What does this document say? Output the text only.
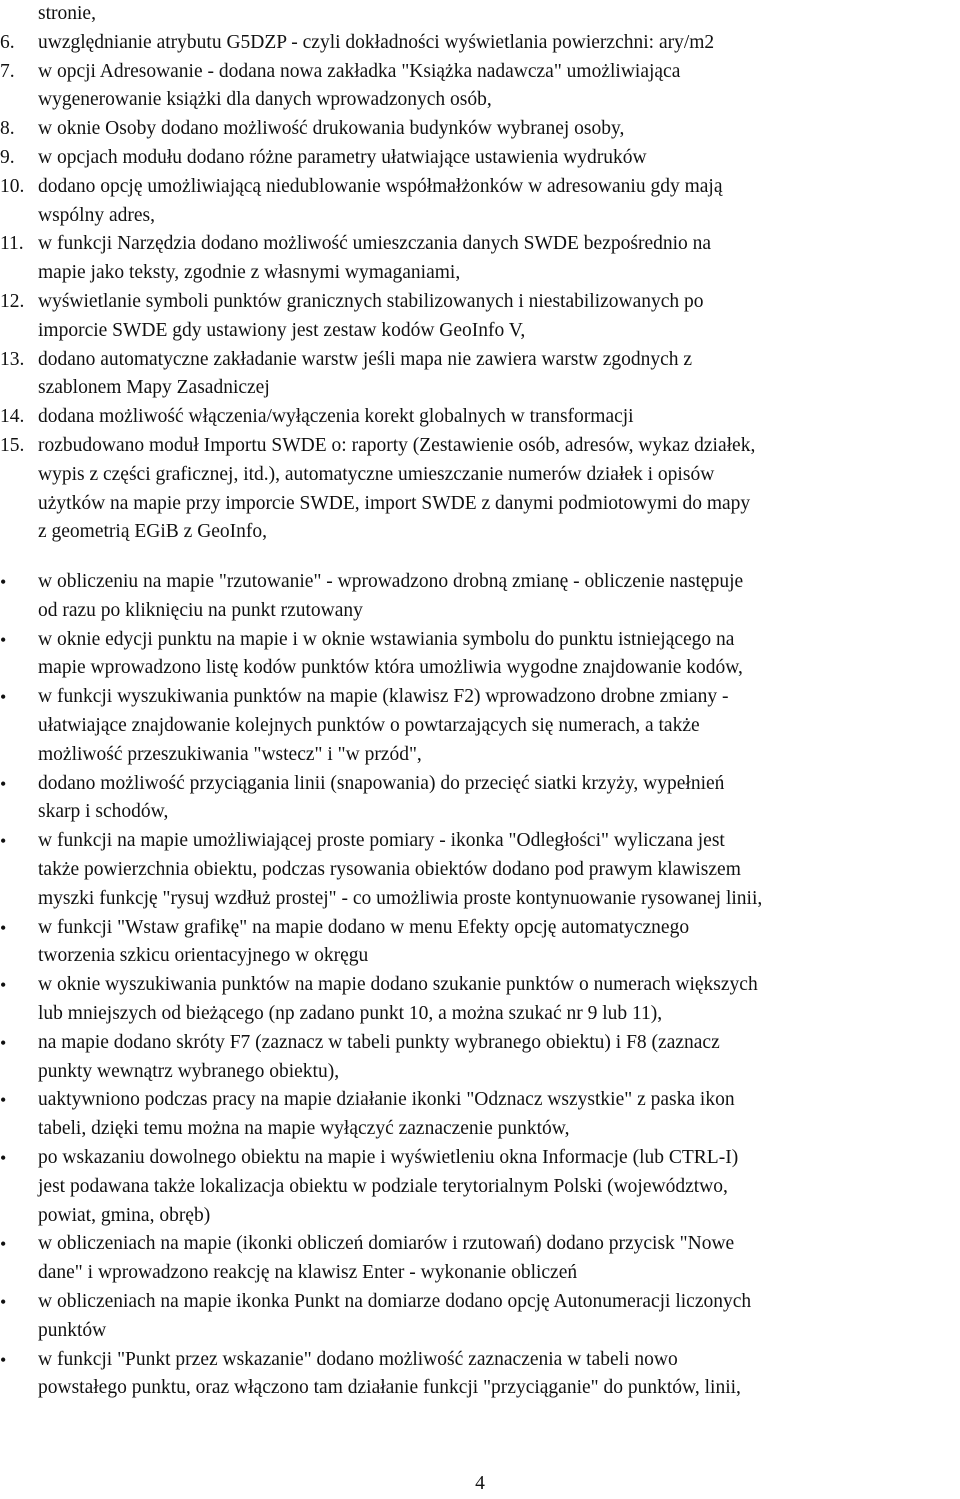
stronie,

4
6.	uwzględnianie atrybutu G5DZP - czyli dokładności wyświetlania powierzchni: ary/m2
7.	w opcji Adresowanie - dodana nowa zakładka "Książka nadawcza" umożliwiająca
wygenerowanie książki dla danych wprowadzonych osób,
8.	w oknie Osoby dodano możliwość drukowania budynków wybranej osoby,
9.	w opcjach modułu dodano różne parametry ułatwiające ustawienia wydruków
10. dodano opcję umożliwiającą niedublowanie współmałżonków w adresowaniu gdy mają
wspólny adres,
11. w funkcji Narzędzia dodano możliwość umieszczania danych SWDE bezpośrednio na
mapie jako teksty, zgodnie z własnymi wymaganiami,
12. wyświetlanie symboli punktów granicznych stabilizowanych i niestabilizowanych po
imporcie SWDE gdy ustawiony jest zestaw kodów GeoInfo V,
13. dodano automatyczne zakładanie warstw jeśli mapa nie zawiera warstw zgodnych z
szablonem Mapy Zasadniczej
14. dodana możliwość włączenia/wyłączenia korekt globalnych w transformacji
15. rozbudowano moduł Importu SWDE o: raporty (Zestawienie osób, adresów, wykaz działek,
wypis z części graficznej, itd.), automatyczne umieszczanie numerów działek i opisów
użytków na mapie przy imporcie SWDE, import SWDE z danymi podmiotowymi do mapy
z geometrią EGiB z GeoInfo,
•	w obliczeniu na mapie "rzutowanie" - wprowadzono drobną zmianę - obliczenie następuje
od razu po kliknięciu na punkt rzutowany
•	w oknie edycji punktu na mapie i w oknie wstawiania symbolu do punktu istniejącego na
mapie wprowadzono listę kodów punktów która umożliwia wygodne znajdowanie kodów,
•	w funkcji wyszukiwania punktów na mapie (klawisz F2) wprowadzono drobne zmiany -
ułatwiające znajdowanie kolejnych punktów o powtarzających się numerach, a także
możliwość przeszukiwania "wstecz" i "w przód",
•	dodano możliwość przyciągania linii (snapowania) do przecięć siatki krzyży, wypełnień
skarp i schodów,
•	w funkcji na mapie umożliwiającej proste pomiary - ikonka "Odległości" wyliczana jest
także powierzchnia obiektu, podczas rysowania obiektów dodano pod prawym klawiszem
myszki funkcję "rysuj wzdłuż prostej" - co umożliwia proste kontynuowanie rysowanej linii,
•	w funkcji "Wstaw grafikę" na mapie dodano w menu Efekty opcję automatycznego
tworzenia szkicu orientacyjnego w okręgu
•	w oknie wyszukiwania punktów na mapie dodano szukanie punktów o numerach większych
lub mniejszych od bieżącego (np zadano punkt 10, a można szukać nr 9 lub 11),
•	na mapie dodano skróty F7 (zaznacz w tabeli punkty wybranego obiektu) i F8 (zaznacz
punkty wewnątrz wybranego obiektu),
•	uaktywniono podczas pracy na mapie działanie ikonki "Odznacz wszystkie" z paska ikon
tabeli, dzięki temu można na mapie wyłączyć zaznaczenie punktów,
•	po wskazaniu dowolnego obiektu na mapie i wyświetleniu okna Informacje (lub CTRL-I)
jest podawana także lokalizacja obiektu w podziale terytorialnym Polski (województwo,
powiat, gmina, obręb)
•	w obliczeniach na mapie (ikonki obliczeń domiarów i rzutowań) dodano przycisk "Nowe
dane" i wprowadzono reakcję na klawisz Enter - wykonanie obliczeń
•	w obliczeniach na mapie ikonka Punkt na domiarze dodano opcję Autonumeracji liczonych
punktów
•	w funkcji "Punkt przez wskazanie" dodano możliwość zaznaczenia w tabeli nowo
powstałego punktu, oraz włączono tam działanie funkcji "przyciąganie" do punktów, linii,
